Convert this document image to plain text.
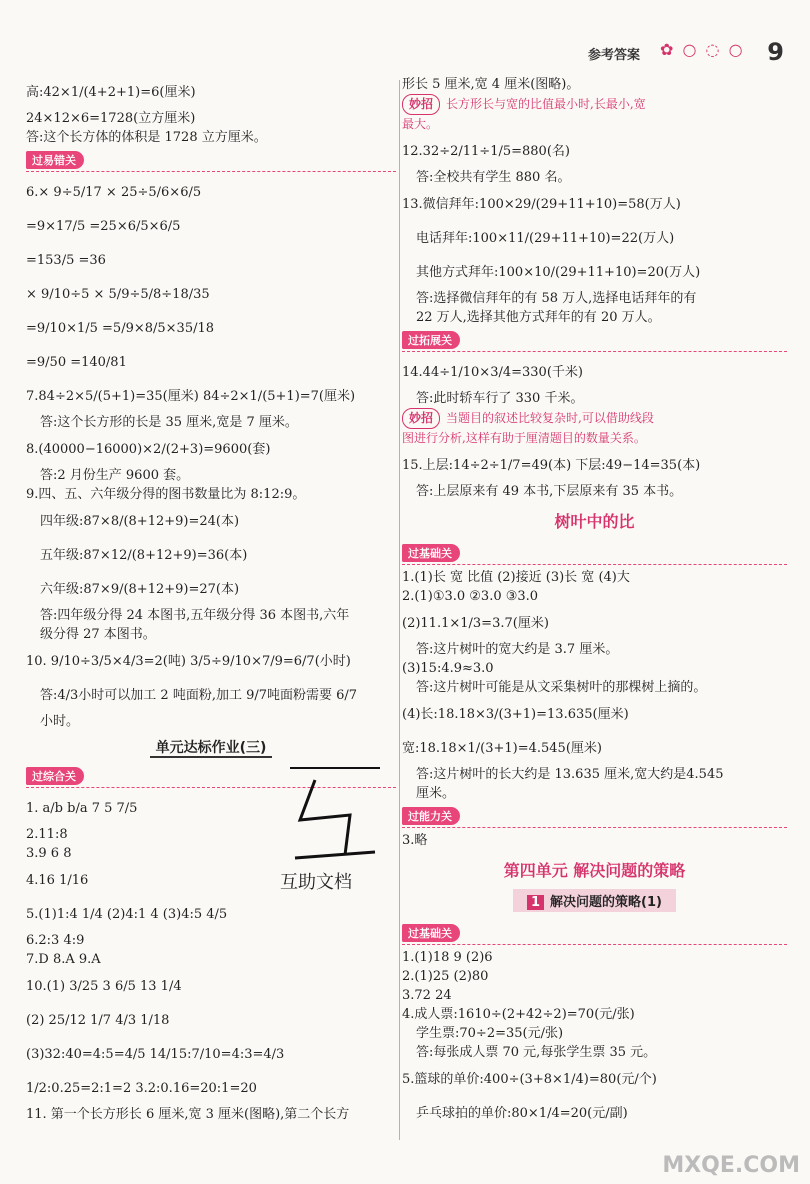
参考答案 ✿ ○ ◌ ○ 9
高:42×1/(4+2+1)=6(厘米)
24×12×6=1728(立方厘米)
答:这个长方体的体积是 1728 立方厘米。
过易错关
6.× 9÷5/17 × 25÷5/6×6/5
=9×17/5 =25×6/5×6/5
=153/5 =36
× 9/10÷5 × 5/9÷5/8÷18/35
=9/10×1/5 =5/9×8/5×35/18
=9/50 =140/81
7.84÷2×5/(5+1)=35(厘米) 84÷2×1/(5+1)=7(厘米)
答:这个长方形的长是 35 厘米,宽是 7 厘米。
8.(40000−16000)×2/(2+3)=9600(套)
答:2 月份生产 9600 套。
9.四、五、六年级分得的图书数量比为 8:12:9。
四年级:87×8/(8+12+9)=24(本)
五年级:87×12/(8+12+9)=36(本)
六年级:87×9/(8+12+9)=27(本)
答:四年级分得 24 本图书,五年级分得 36 本图书,六年
级分得 27 本图书。
10. 9/10÷3/5×4/3=2(吨) 3/5÷9/10×7/9=6/7(小时)
答:4/3小时可以加工 2 吨面粉,加工 9/7吨面粉需要 6/7
小时。
单元达标作业(三)
过综合关
1. a/b b/a 7 5 7/5
2.11:8
3.9 6 8
4.16 1/16
5.(1)1:4 1/4 (2)4:1 4 (3)4:5 4/5
6.2:3 4:9
7.D 8.A 9.A
10.(1) 3/25 3 6/5 13 1/4
(2) 25/12 1/7 4/3 1/18
(3)32:40=4:5=4/5 14/15:7/10=4:3=4/3
1/2:0.25=2:1=2 3.2:0.16=20:1=20
11. 第一个长方形长 6 厘米,宽 3 厘米(图略),第二个长方
互助文档
形长 5 厘米,宽 4 厘米(图略)。
妙招 长方形长与宽的比值最小时,长最小,宽
最大。
12.32÷2/11÷1/5=880(名)
答:全校共有学生 880 名。
13.微信拜年:100×29/(29+11+10)=58(万人)
电话拜年:100×11/(29+11+10)=22(万人)
其他方式拜年:100×10/(29+11+10)=20(万人)
答:选择微信拜年的有 58 万人,选择电话拜年的有
22 万人,选择其他方式拜年的有 20 万人。
过拓展关
14.44÷1/10×3/4=330(千米)
答:此时轿车行了 330 千米。
妙招 当题目的叙述比较复杂时,可以借助线段
图进行分析,这样有助于厘清题目的数量关系。
15.上层:14÷2÷1/7=49(本) 下层:49−14=35(本)
答:上层原来有 49 本书,下层原来有 35 本书。
树叶中的比
过基础关
1.(1)长 宽 比值 (2)接近 (3)长 宽 (4)大
2.(1)①3.0 ②3.0 ③3.0
(2)11.1×1/3=3.7(厘米)
答:这片树叶的宽大约是 3.7 厘米。
(3)15:4.9≈3.0
答:这片树叶可能是从文采集树叶的那棵树上摘的。
(4)长:18.18×3/(3+1)=13.635(厘米)
宽:18.18×1/(3+1)=4.545(厘米)
答:这片树叶的长大约是 13.635 厘米,宽大约是4.545
厘米。
过能力关
3.略
第四单元 解决问题的策略
1 解决问题的策略(1)
过基础关
1.(1)18 9 (2)6
2.(1)25 (2)80
3.72 24
4.成人票:1610÷(2+42÷2)=70(元/张)
学生票:70÷2=35(元/张)
答:每张成人票 70 元,每张学生票 35 元。
5.篮球的单价:400÷(3+8×1/4)=80(元/个)
乒乓球拍的单价:80×1/4=20(元/副)
MXQE.COM
